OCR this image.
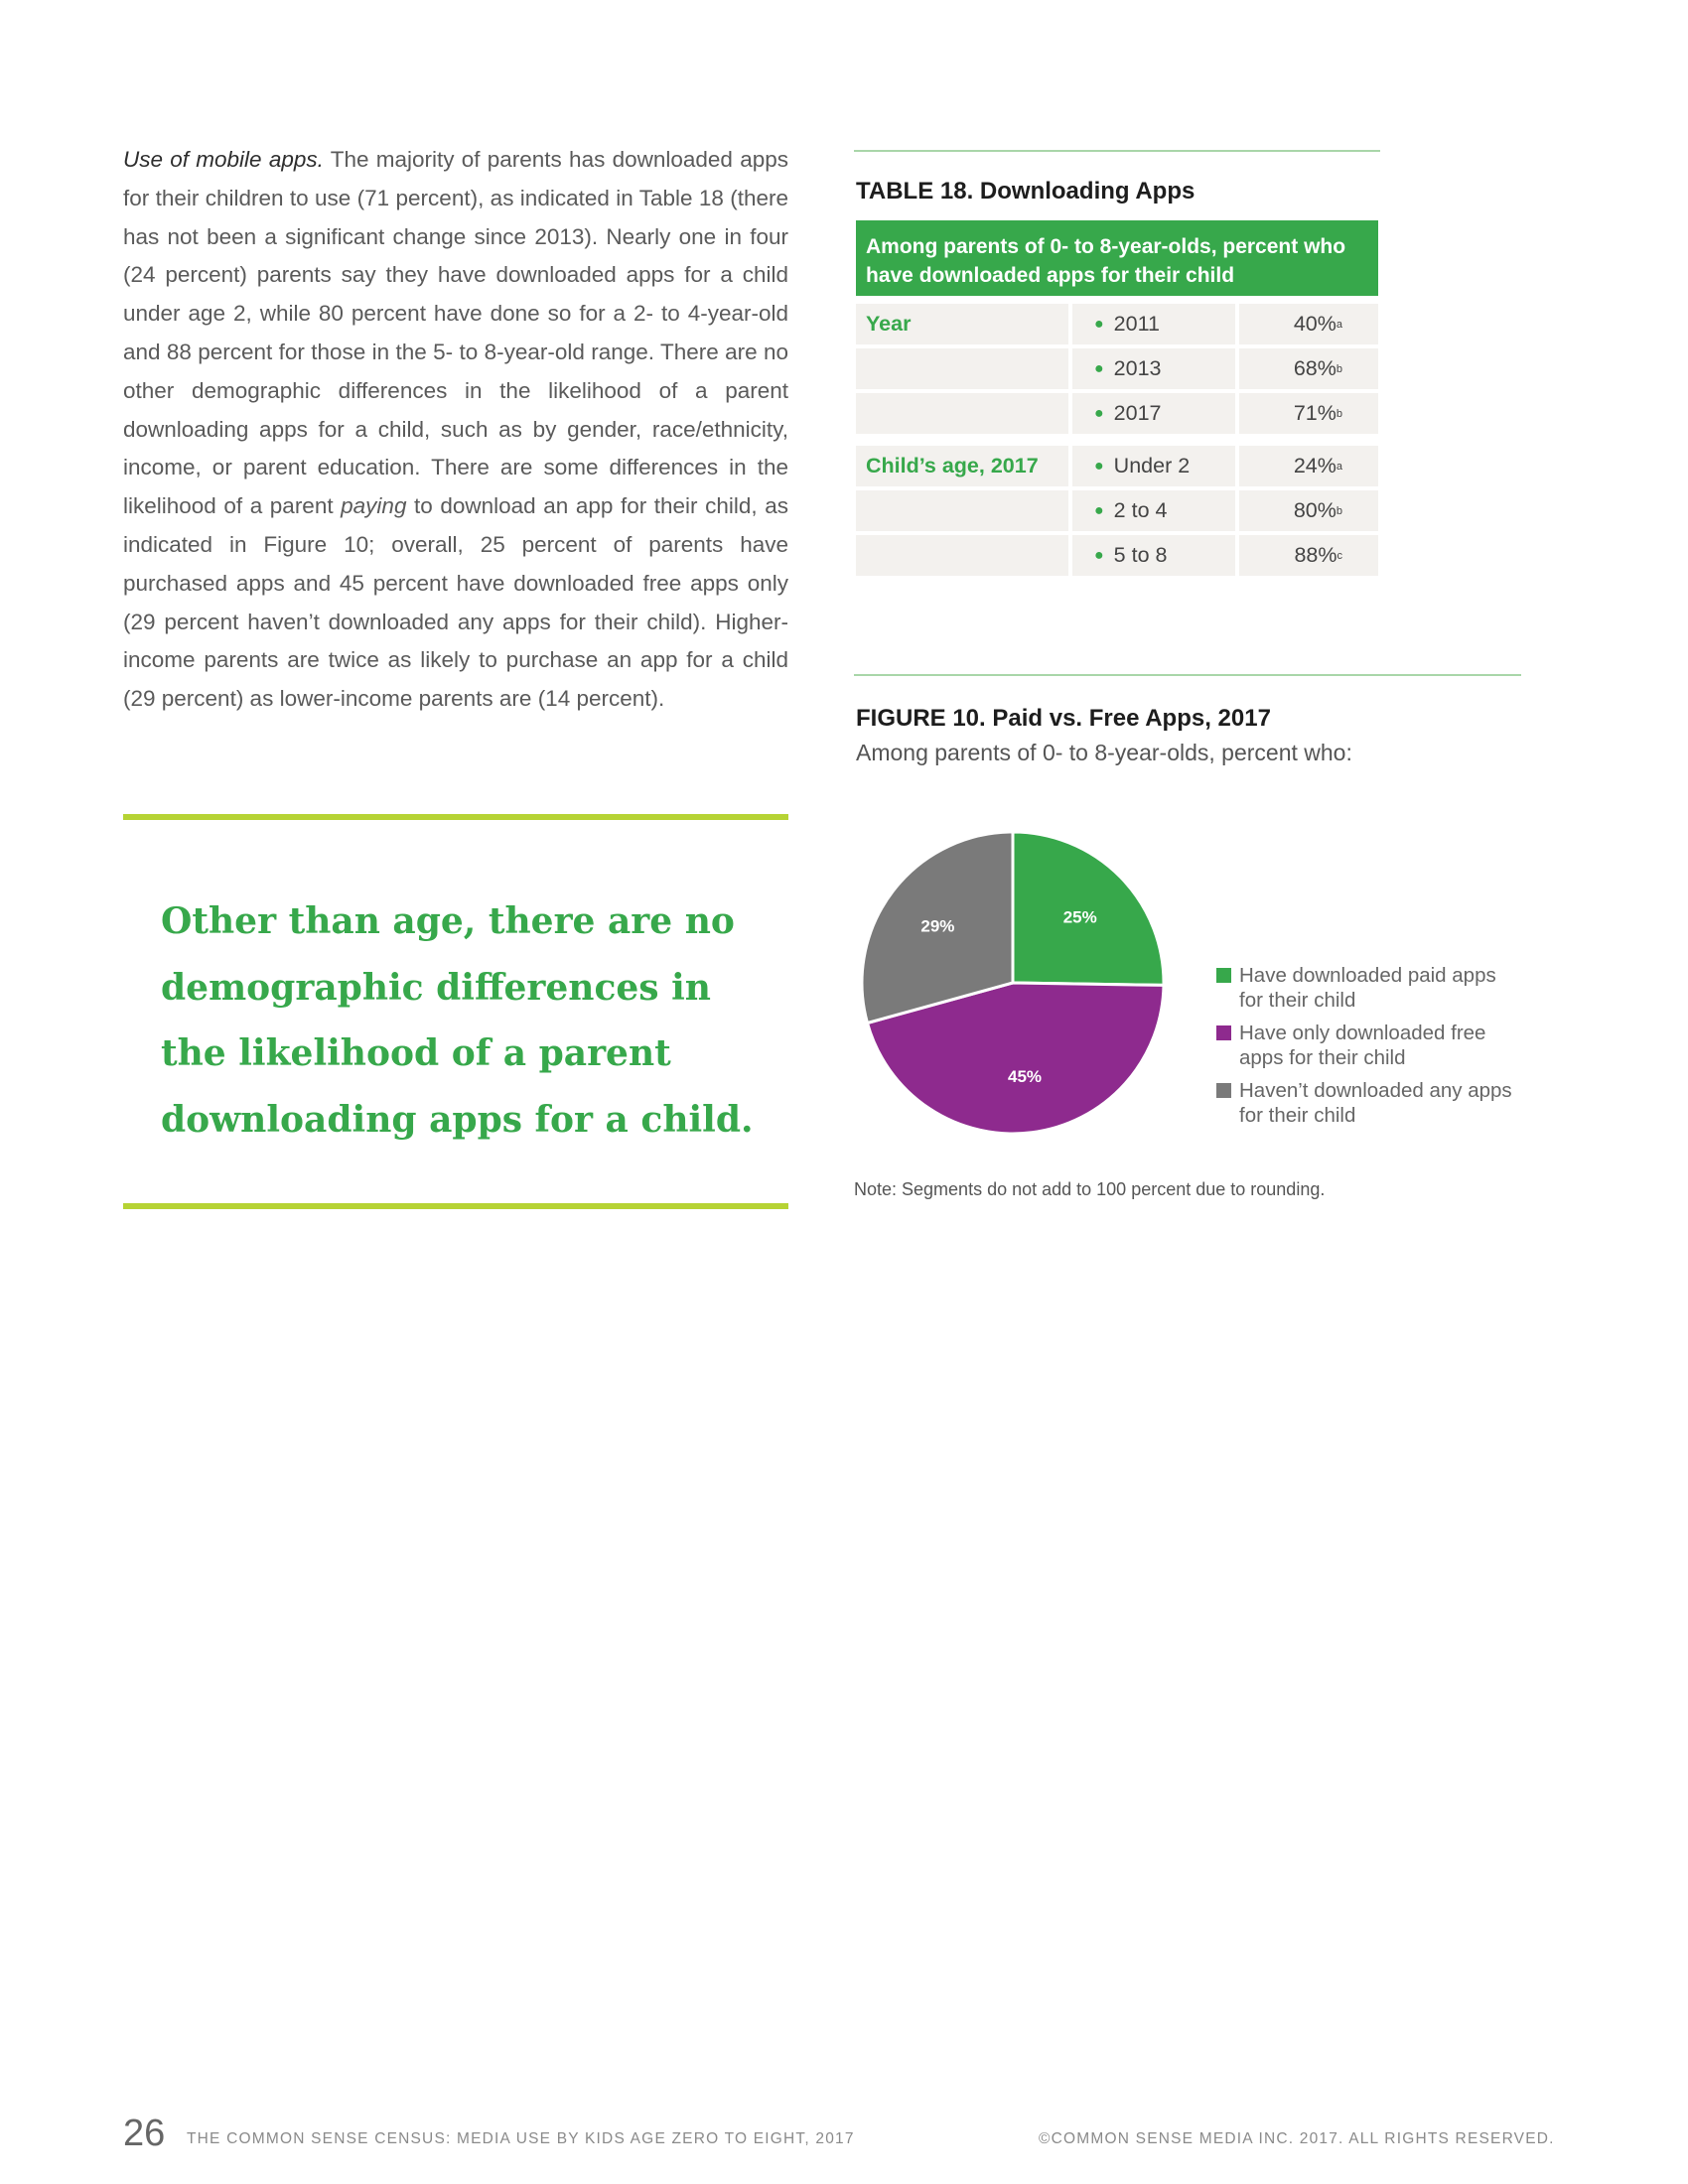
Use of mobile apps. The majority of parents has downloaded apps for their children to use (71 percent), as indicated in Table 18 (there has not been a significant change since 2013). Nearly one in four (24 percent) parents say they have downloaded apps for a child under age 2, while 80 percent have done so for a 2- to 4-year-old and 88 percent for those in the 5- to 8-year-old range. There are no other demographic differences in the likelihood of a parent downloading apps for a child, such as by gender, race/ethnicity, income, or parent education. There are some differences in the likelihood of a parent paying to download an app for their child, as indicated in Figure 10; overall, 25 percent of parents have purchased apps and 45 percent have downloaded free apps only (29 percent haven’t downloaded any apps for their child). Higher-income parents are twice as likely to purchase an app for a child (29 percent) as lower-income parents are (14 percent).

Other than age, there are no demographic differences in the likelihood of a parent downloading apps for a child.

TABLE 18. Downloading Apps

Among parents of 0- to 8-year-olds, percent who have downloaded apps for their child
Year	● 2011	40% a
● 2013	68% b
● 2017	71% b
Child’s age, 2017	● Under 2	24% a
● 2 to 4	80% b
● 5 to 8	88% c

FIGURE 10. Paid vs. Free Apps, 2017

Among parents of 0- to 8-year-olds, percent who:

25%
45%
29%
Have downloaded paid apps for their child
Have only downloaded free apps for their child
Haven’t downloaded any apps for their child

Note: Segments do not add to 100 percent due to rounding.

26 THE COMMON SENSE CENSUS: MEDIA USE BY KIDS AGE ZERO TO EIGHT, 2017	©COMMON SENSE MEDIA INC. 2017. ALL RIGHTS RESERVED.
